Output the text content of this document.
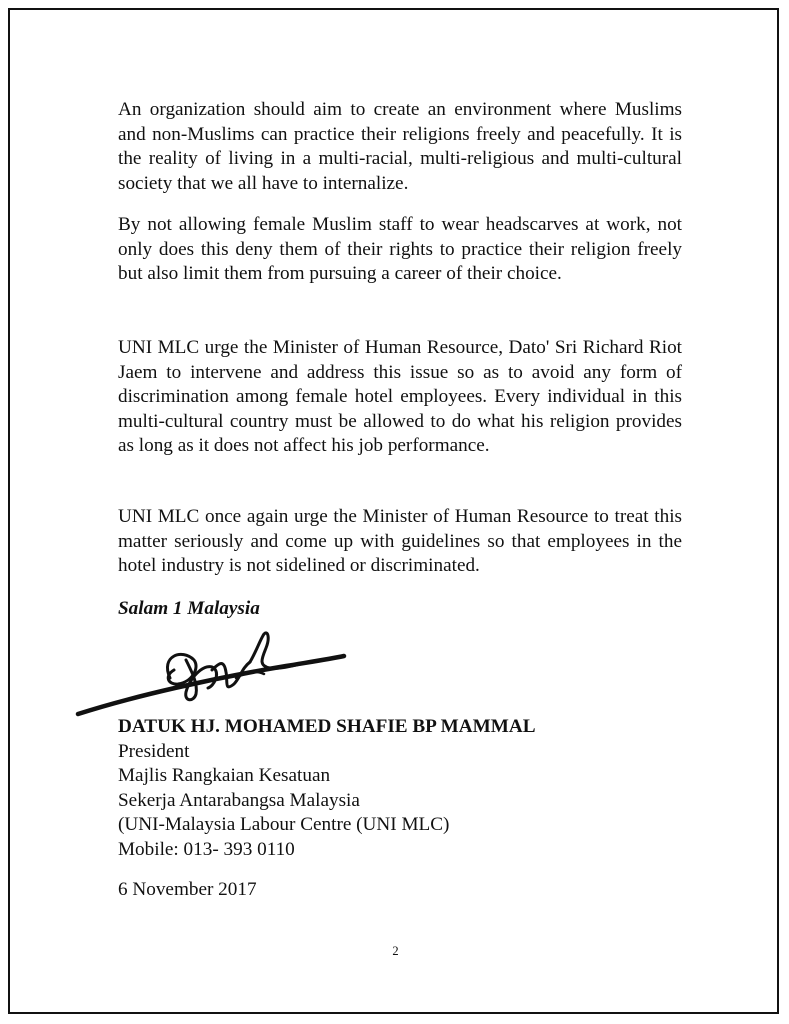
An organization should aim to create an environment where Muslims and non-Muslims can practice their religions freely and peacefully. It is the reality of living in a multi-racial, multi-religious and multi-cultural society that we all have to internalize.
By not allowing female Muslim staff to wear headscarves at work, not only does this deny them of their rights to practice their religion freely but also limit them from pursuing a career of their choice.
UNI MLC urge the Minister of Human Resource, Dato' Sri Richard Riot Jaem to intervene and address this issue so as to avoid any form of discrimination among female hotel employees. Every individual in this multi-cultural country must be allowed to do what his religion provides as long as it does not affect his job performance.
UNI MLC once again urge the Minister of Human Resource to treat this matter seriously and come up with guidelines so that employees in the hotel industry is not sidelined or discriminated.
Salam 1 Malaysia
DATUK HJ. MOHAMED SHAFIE BP MAMMAL
President
Majlis Rangkaian Kesatuan
Sekerja Antarabangsa Malaysia
(UNI-Malaysia Labour Centre (UNI MLC)
Mobile: 013- 393 0110
6 November 2017
2
